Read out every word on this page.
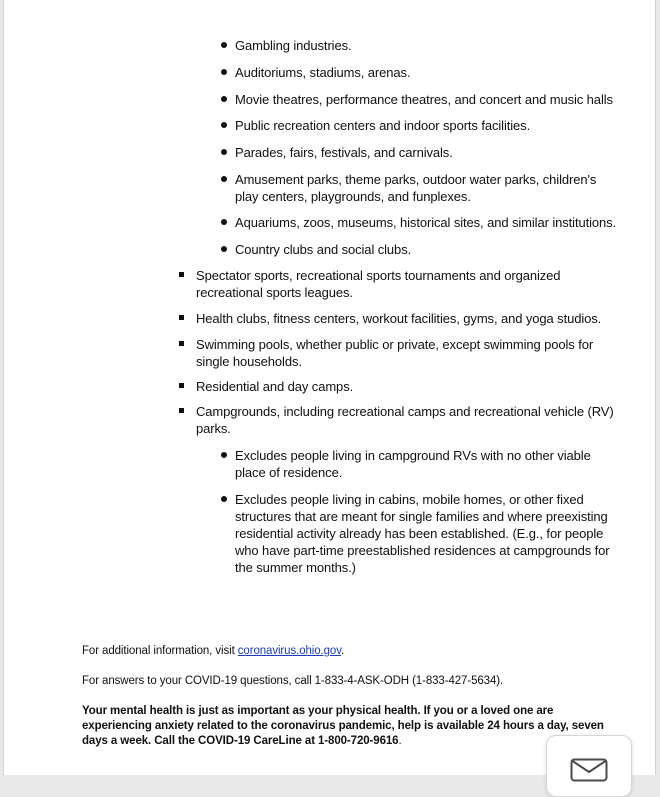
Gambling industries.
Auditoriums, stadiums, arenas.
Movie theatres, performance theatres, and concert and music halls
Public recreation centers and indoor sports facilities.
Parades, fairs, festivals, and carnivals.
Amusement parks, theme parks, outdoor water parks, children's play centers, playgrounds, and funplexes.
Aquariums, zoos, museums, historical sites, and similar institutions.
Country clubs and social clubs.
Spectator sports, recreational sports tournaments and organized recreational sports leagues.
Health clubs, fitness centers, workout facilities, gyms, and yoga studios.
Swimming pools, whether public or private, except swimming pools for single households.
Residential and day camps.
Campgrounds, including recreational camps and recreational vehicle (RV) parks.
Excludes people living in campground RVs with no other viable place of residence.
Excludes people living in cabins, mobile homes, or other fixed structures that are meant for single families and where preexisting residential activity already has been established. (E.g., for people who have part-time preestablished residences at campgrounds for the summer months.)
For additional information, visit coronavirus.ohio.gov.
For answers to your COVID-19 questions, call 1-833-4-ASK-ODH (1-833-427-5634).
Your mental health is just as important as your physical health. If you or a loved one are experiencing anxiety related to the coronavirus pandemic, help is available 24 hours a day, seven days a week. Call the COVID-19 CareLine at 1-800-720-9616.
